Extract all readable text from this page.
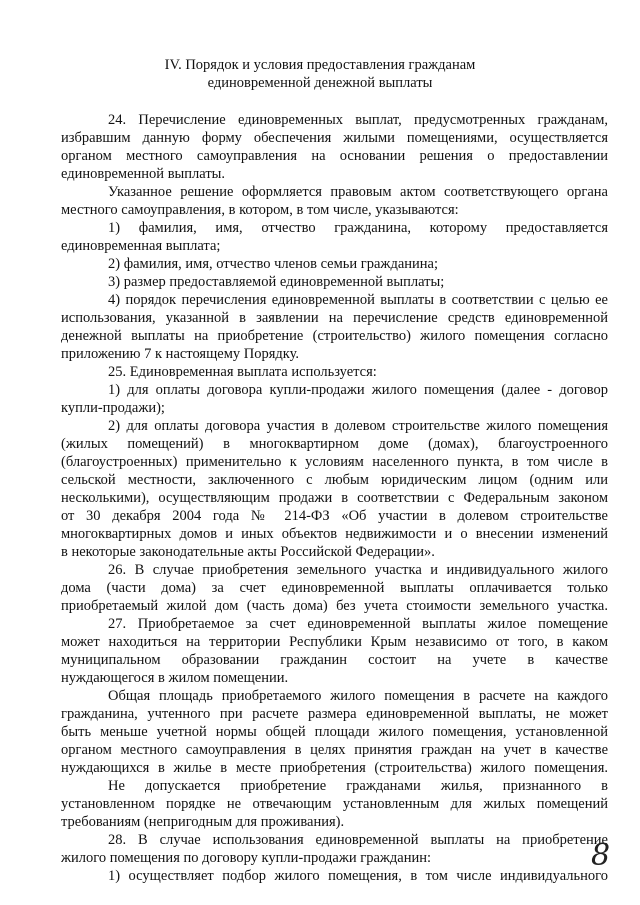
IV. Порядок и условия предоставления гражданам
единовременной денежной выплаты
24. Перечисление единовременных выплат, предусмотренных гражданам,
избравшим данную форму обеспечения жилыми помещениями, осуществляется
органом местного самоуправления на основании решения о предоставлении
единовременной выплаты.
Указанное решение оформляется правовым актом соответствующего органа
местного самоуправления, в котором, в том числе, указываются:
1) фамилия, имя, отчество гражданина, которому предоставляется
единовременная выплата;
2) фамилия, имя, отчество членов семьи гражданина;
3) размер предоставляемой единовременной выплаты;
4) порядок перечисления единовременной выплаты в соответствии с целью ее
использования, указанной в заявлении на перечисление средств единовременной
денежной выплаты на приобретение (строительство) жилого помещения согласно
приложению 7 к настоящему Порядку.
25. Единовременная выплата используется:
1) для оплаты договора купли-продажи жилого помещения (далее - договор
купли-продажи);
2) для оплаты договора участия в долевом строительстве жилого помещения
(жилых помещений) в многоквартирном доме (домах), благоустроенного
(благоустроенных) применительно к условиям населенного пункта, в том числе в
сельской местности, заключенного с любым юридическим лицом (одним или
несколькими), осуществляющим продажи в соответствии с Федеральным законом
от 30 декабря 2004 года № 214-ФЗ «Об участии в долевом строительстве
многоквартирных домов и иных объектов недвижимости и о внесении изменений
в некоторые законодательные акты Российской Федерации».
26. В случае приобретения земельного участка и индивидуального жилого
дома (части дома) за счет единовременной выплаты оплачивается только
приобретаемый жилой дом (часть дома) без учета стоимости земельного участка.
27. Приобретаемое за счет единовременной выплаты жилое помещение
может находиться на территории Республики Крым независимо от того, в каком
муниципальном образовании гражданин состоит на учете в качестве
нуждающегося в жилом помещении.
Общая площадь приобретаемого жилого помещения в расчете на каждого
гражданина, учтенного при расчете размера единовременной выплаты, не может
быть меньше учетной нормы общей площади жилого помещения, установленной
органом местного самоуправления в целях принятия граждан на учет в качестве
нуждающихся в жилье в месте приобретения (строительства) жилого помещения.
Не допускается приобретение гражданами жилья, признанного в
установленном порядке не отвечающим установленным для жилых помещений
требованиям (непригодным для проживания).
28. В случае использования единовременной выплаты на приобретение
жилого помещения по договору купли-продажи гражданин:
1) осуществляет подбор жилого помещения, в том числе индивидуального
8
